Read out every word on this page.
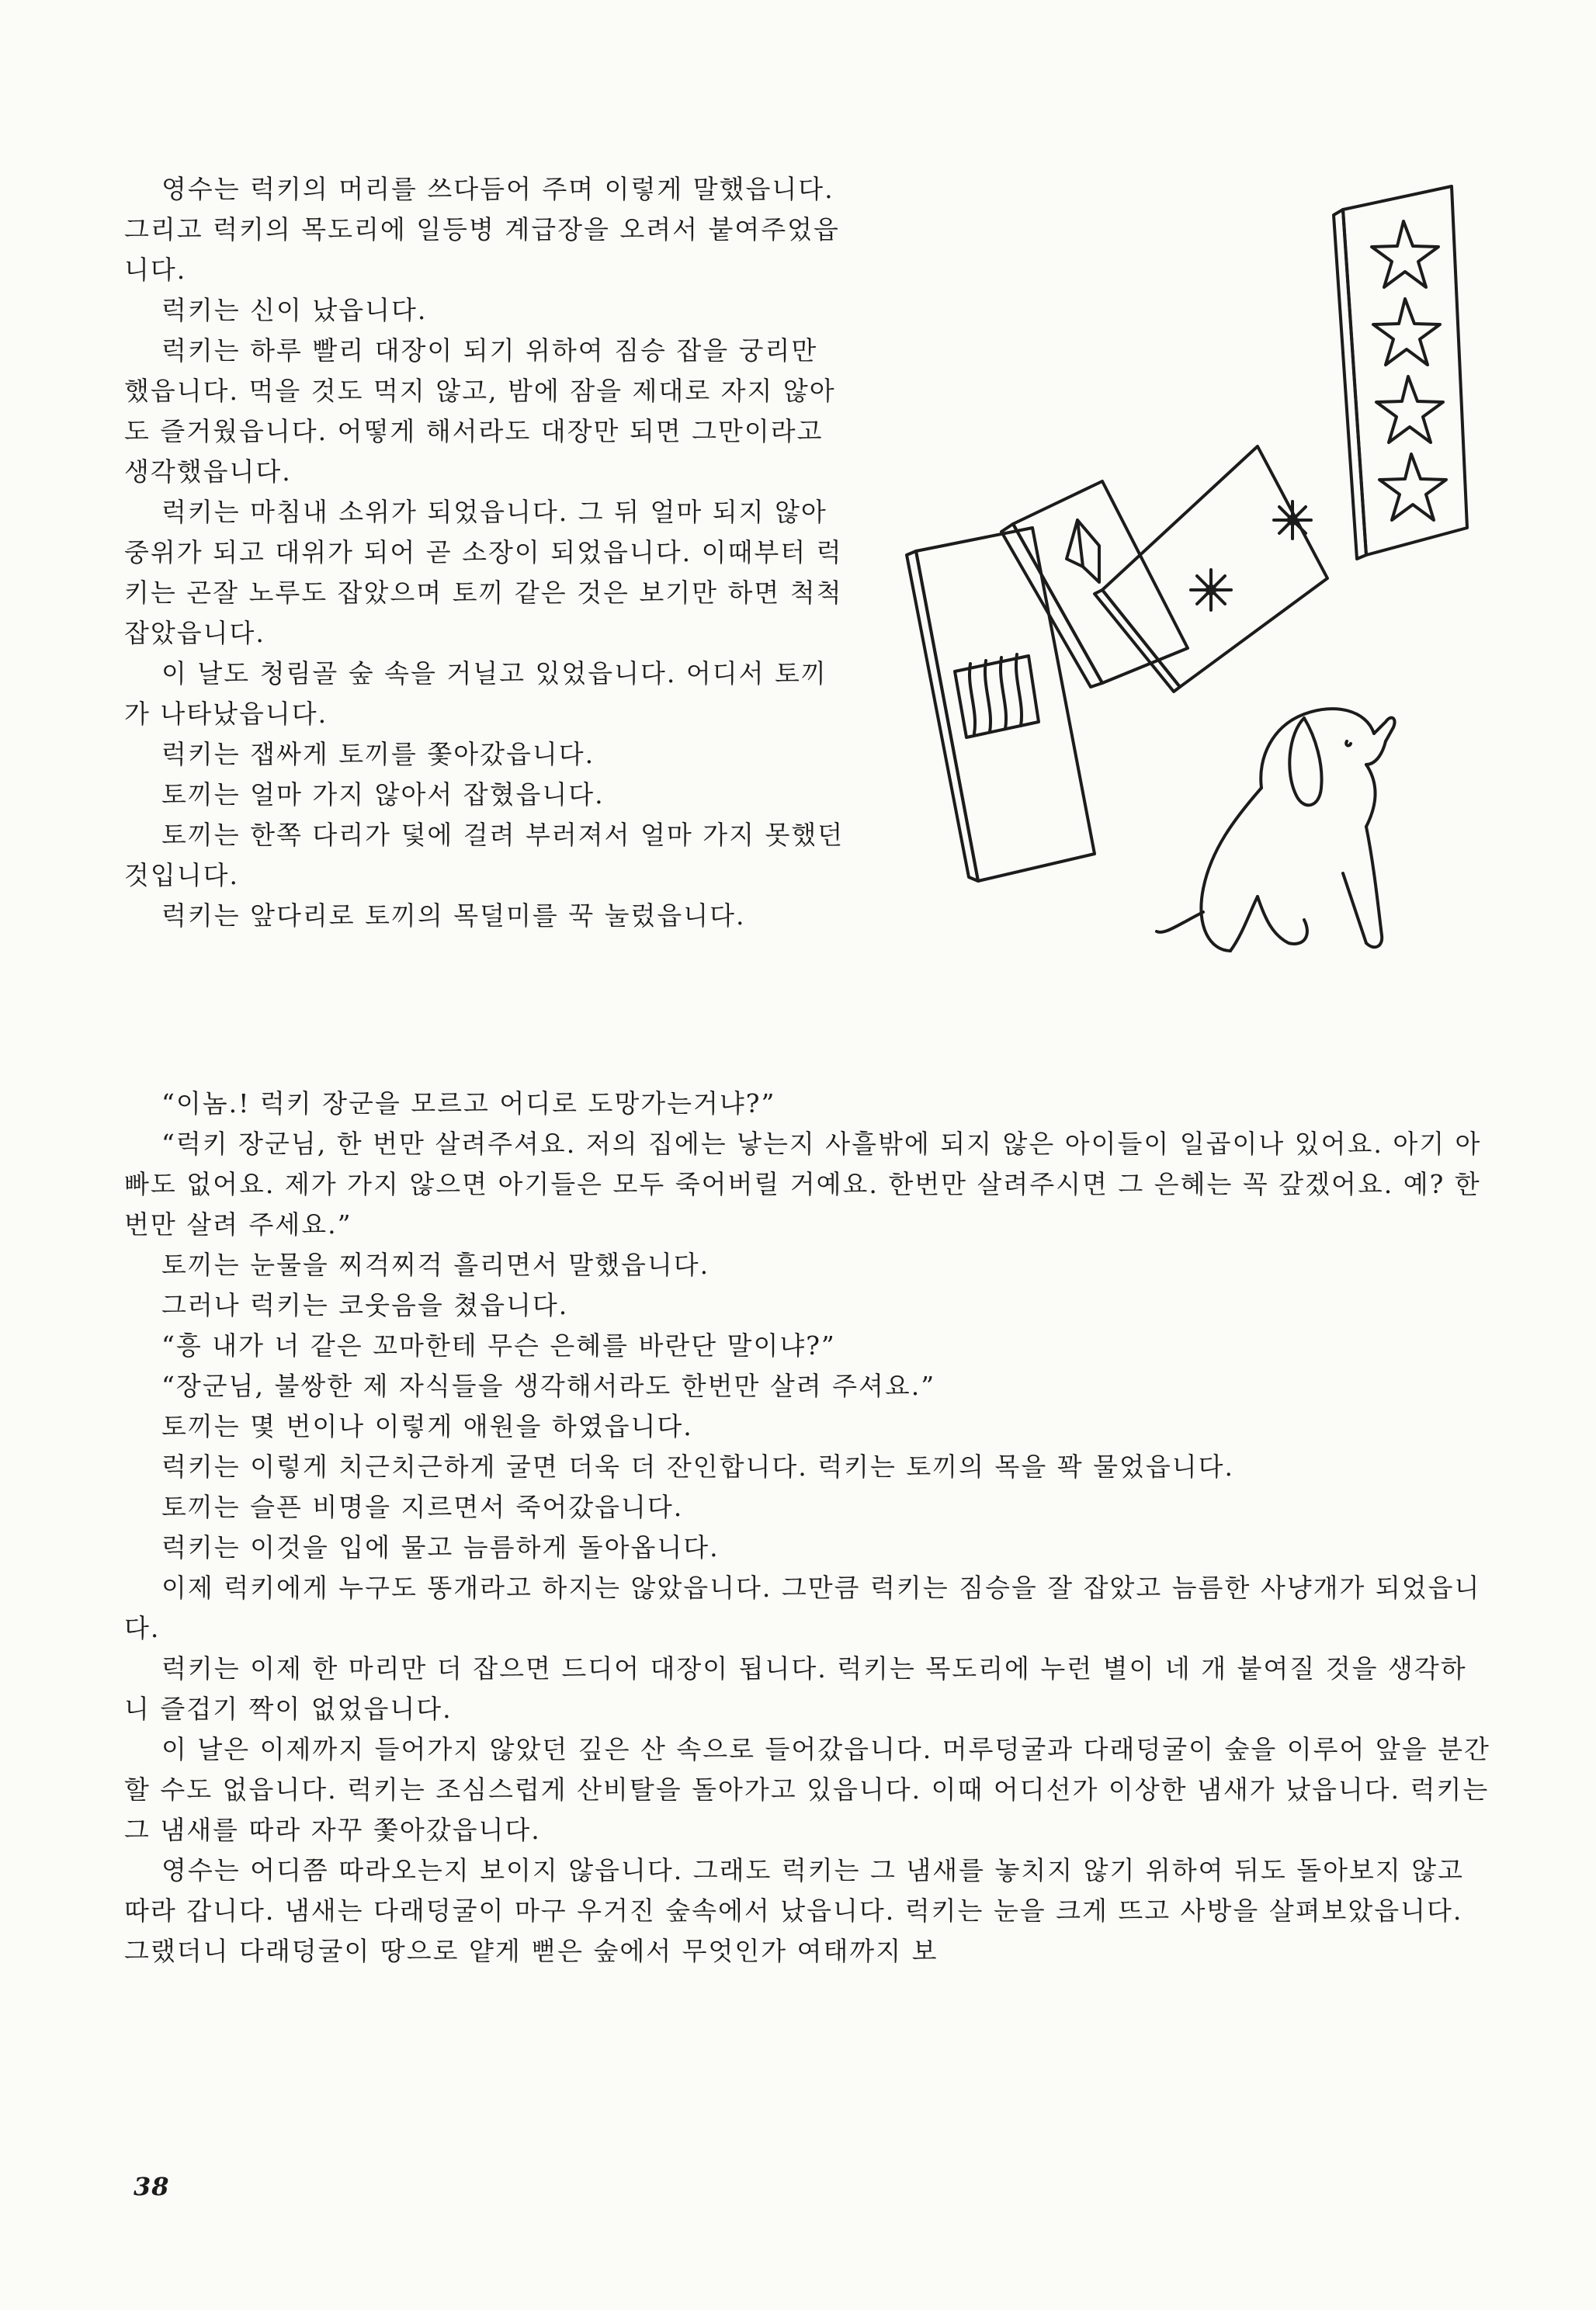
영수는 럭키의 머리를 쓰다듬어 주며 이렇게 말했읍니다. 그리고 럭키의 목도리에 일등병 계급장을 오려서 붙여주었읍니다.

럭키는 신이 났읍니다.

럭키는 하루 빨리 대장이 되기 위하여 짐승 잡을 궁리만 했읍니다. 먹을 것도 먹지 않고, 밤에 잠을 제대로 자지 않아도 즐거웠읍니다. 어떻게 해서라도 대장만 되면 그만이라고 생각했읍니다.

럭키는 마침내 소위가 되었읍니다. 그 뒤 얼마 되지 않아 중위가 되고 대위가 되어 곧 소장이 되었읍니다. 이때부터 럭키는 곤잘 노루도 잡았으며 토끼 같은 것은 보기만 하면 척척 잡았읍니다.

이 날도 청림골 숲 속을 거닐고 있었읍니다. 어디서 토끼가 나타났읍니다.

럭키는 잽싸게 토끼를 쫓아갔읍니다.

토끼는 얼마 가지 않아서 잡혔읍니다.

토끼는 한쪽 다리가 덫에 걸려 부러져서 얼마 가지 못했던 것입니다.

럭키는 앞다리로 토끼의 목덜미를 꾹 눌렀읍니다.

“이놈.! 럭키 장군을 모르고 어디로 도망가는거냐?”

“럭키 장군님, 한 번만 살려주셔요. 저의 집에는 낳는지 사흘밖에 되지 않은 아이들이 일곱이나 있어요. 아기 아빠도 없어요. 제가 가지 않으면 아기들은 모두 죽어버릴 거예요. 한번만 살려주시면 그 은혜는 꼭 갚겠어요. 예? 한 번만 살려 주세요.”

토끼는 눈물을 찌걱찌걱 흘리면서 말했읍니다.

그러나 럭키는 코웃음을 쳤읍니다.

“흥 내가 너 같은 꼬마한테 무슨 은혜를 바란단 말이냐?”

“장군님, 불쌍한 제 자식들을 생각해서라도 한번만 살려 주셔요.”

토끼는 몇 번이나 이렇게 애원을 하였읍니다.

럭키는 이렇게 치근치근하게 굴면 더욱 더 잔인합니다. 럭키는 토끼의 목을 꽉 물었읍니다.

토끼는 슬픈 비명을 지르면서 죽어갔읍니다.

럭키는 이것을 입에 물고 늠름하게 돌아옵니다.

이제 럭키에게 누구도 똥개라고 하지는 않았읍니다. 그만큼 럭키는 짐승을 잘 잡았고 늠름한 사냥개가 되었읍니다.

럭키는 이제 한 마리만 더 잡으면 드디어 대장이 됩니다. 럭키는 목도리에 누런 별이 네 개 붙여질 것을 생각하니 즐겁기 짝이 없었읍니다.

이 날은 이제까지 들어가지 않았던 깊은 산 속으로 들어갔읍니다. 머루덩굴과 다래덩굴이 숲을 이루어 앞을 분간할 수도 없읍니다. 럭키는 조심스럽게 산비탈을 돌아가고 있읍니다. 이때 어디선가 이상한 냄새가 났읍니다. 럭키는 그 냄새를 따라 자꾸 쫓아갔읍니다.

영수는 어디쯤 따라오는지 보이지 않읍니다. 그래도 럭키는 그 냄새를 놓치지 않기 위하여 뒤도 돌아보지 않고 따라 갑니다. 냄새는 다래덩굴이 마구 우거진 숲속에서 났읍니다. 럭키는 눈을 크게 뜨고 사방을 살펴보았읍니다. 그랬더니 다래덩굴이 땅으로 얕게 뻗은 숲에서 무엇인가 여태까지 보

38
